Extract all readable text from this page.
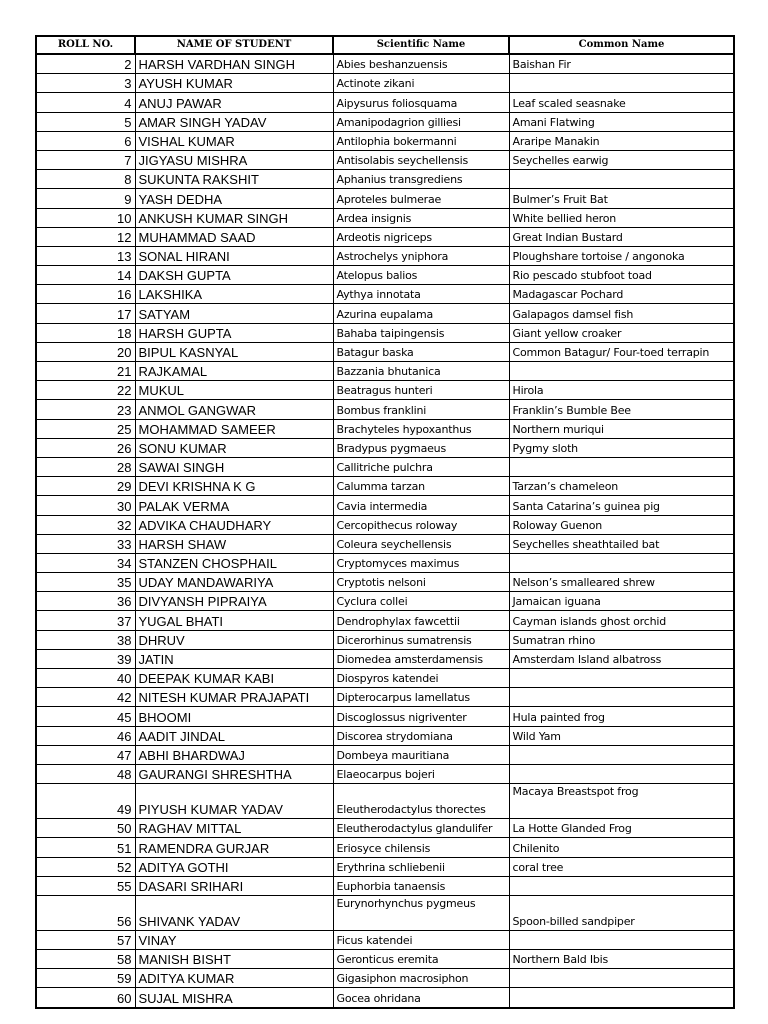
ROLL NO.	NAME OF STUDENT	Scientific Name	Common Name
2	HARSH VARDHAN SINGH	Abies beshanzuensis	Baishan Fir
3	AYUSH KUMAR	Actinote zikani	
4	ANUJ PAWAR	Aipysurus foliosquama	Leaf scaled seasnake
5	AMAR SINGH YADAV	Amanipodagrion gilliesi	Amani Flatwing
6	VISHAL KUMAR	Antilophia bokermanni	Araripe Manakin
7	JIGYASU MISHRA	Antisolabis seychellensis	Seychelles earwig
8	SUKUNTA RAKSHIT	Aphanius transgrediens	
9	YASH DEDHA	Aproteles bulmerae	Bulmer’s Fruit Bat
10	ANKUSH KUMAR SINGH	Ardea insignis	White bellied heron
12	MUHAMMAD SAAD	Ardeotis nigriceps	Great Indian Bustard
13	SONAL HIRANI	Astrochelys yniphora	Ploughshare tortoise / angonoka
14	DAKSH GUPTA	Atelopus balios	Rio pescado stubfoot toad
16	LAKSHIKA	Aythya innotata	Madagascar Pochard
17	SATYAM	Azurina eupalama	Galapagos damsel fish
18	HARSH GUPTA	Bahaba taipingensis	Giant yellow croaker
20	BIPUL KASNYAL	Batagur baska	Common Batagur/ Four-toed terrapin
21	RAJKAMAL	Bazzania bhutanica	
22	MUKUL	Beatragus hunteri	Hirola
23	ANMOL GANGWAR	Bombus franklini	Franklin’s Bumble Bee
25	MOHAMMAD SAMEER	Brachyteles hypoxanthus	Northern muriqui
26	SONU KUMAR	Bradypus pygmaeus	Pygmy sloth
28	SAWAI SINGH	Callitriche pulchra	
29	DEVI KRISHNA K G	Calumma tarzan	Tarzan’s chameleon
30	PALAK VERMA	Cavia intermedia	Santa Catarina’s guinea pig
32	ADVIKA CHAUDHARY	Cercopithecus roloway	Roloway Guenon
33	HARSH SHAW	Coleura seychellensis	Seychelles sheathtailed bat
34	STANZEN CHOSPHAIL	Cryptomyces maximus	
35	UDAY MANDAWARIYA	Cryptotis nelsoni	Nelson’s smalleared shrew
36	DIVYANSH PIPRAIYA	Cyclura collei	Jamaican iguana
37	YUGAL BHATI	Dendrophylax fawcettii	Cayman islands ghost orchid
38	DHRUV	Dicerorhinus sumatrensis	Sumatran rhino
39	JATIN	Diomedea amsterdamensis	Amsterdam Island albatross
40	DEEPAK KUMAR KABI	Diospyros katendei	
42	NITESH KUMAR PRAJAPATI	Dipterocarpus lamellatus	
45	BHOOMI	Discoglossus nigriventer	Hula painted frog
46	AADIT JINDAL	Discorea strydomiana	Wild Yam
47	ABHI BHARDWAJ	Dombeya mauritiana	
48	GAURANGI SHRESHTHA	Elaeocarpus bojeri	
49	PIYUSH KUMAR YADAV	Eleutherodactylus thorectes	Macaya Breastspot frog
50	RAGHAV MITTAL	Eleutherodactylus glandulifer	La Hotte Glanded Frog
51	RAMENDRA GURJAR	Eriosyce chilensis	Chilenito
52	ADITYA GOTHI	Erythrina schliebenii	coral tree
55	DASARI SRIHARI	Euphorbia tanaensis	
56	SHIVANK YADAV	Eurynorhynchus pygmeus	Spoon-billed sandpiper
57	VINAY	Ficus katendei	
58	MANISH BISHT	Geronticus eremita	Northern Bald Ibis
59	ADITYA KUMAR	Gigasiphon macrosiphon	
60	SUJAL MISHRA	Gocea ohridana	
